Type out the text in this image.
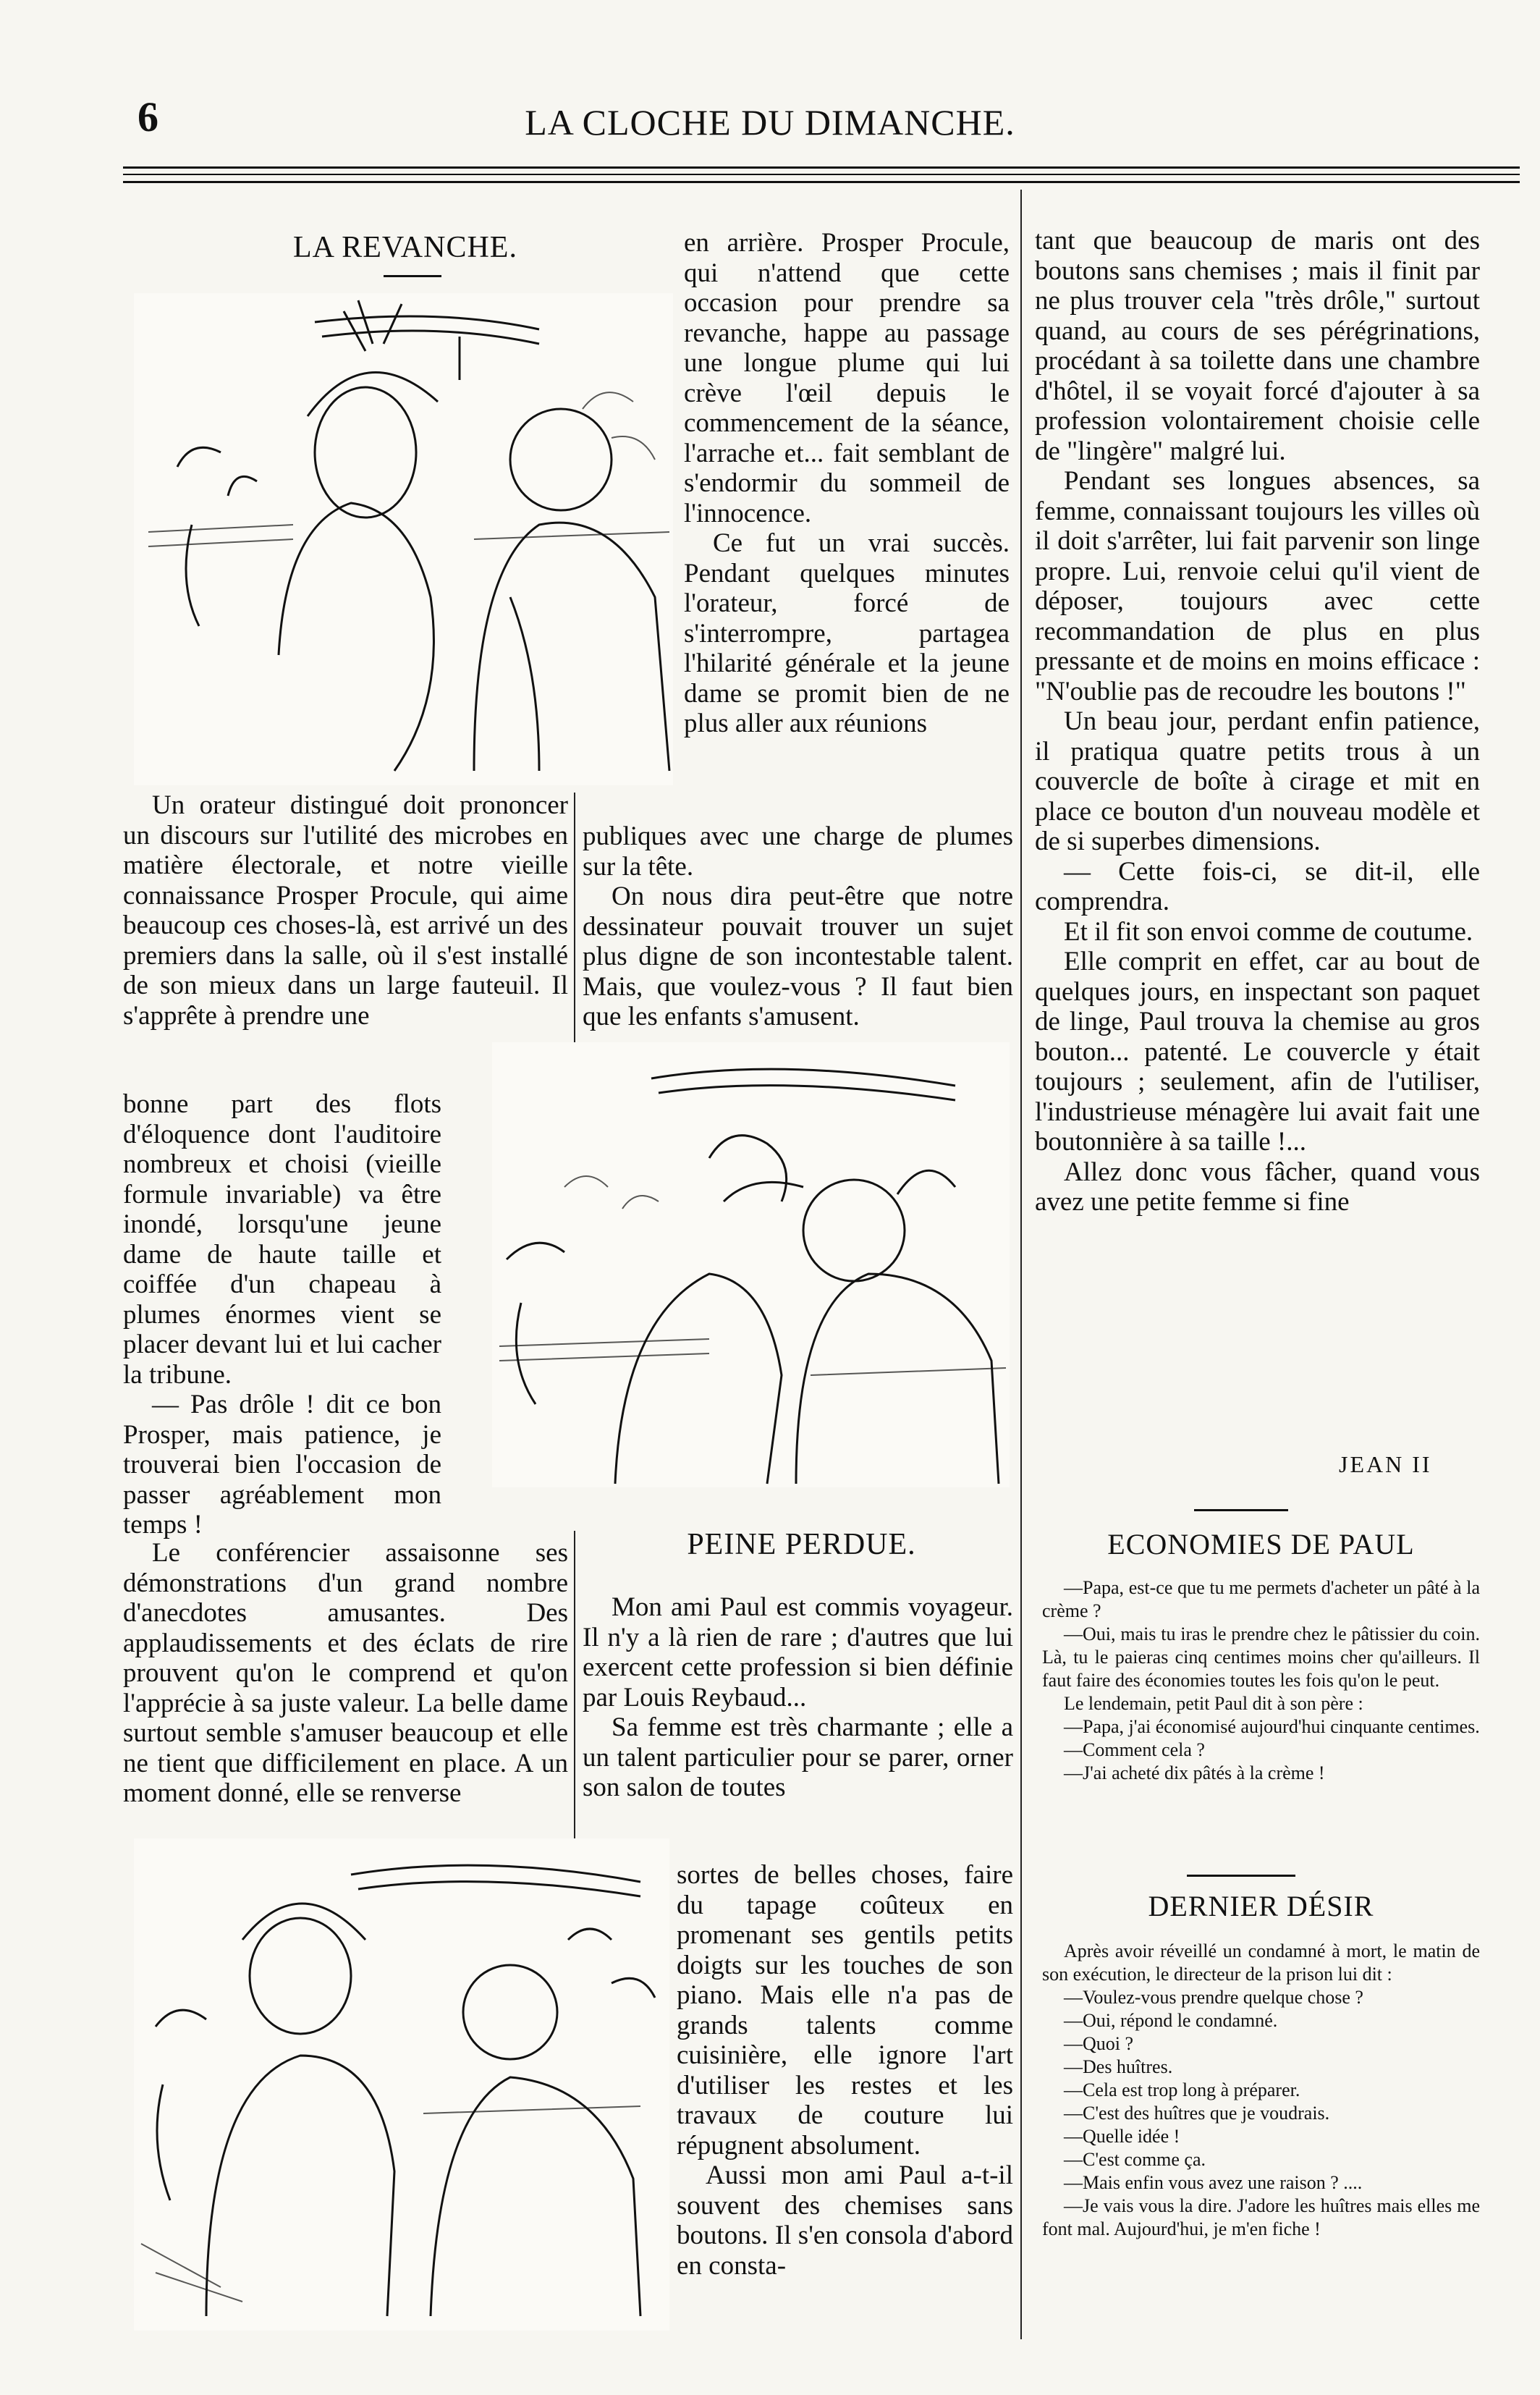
6	LA CLOCHE DU DIMANCHE.
LA REVANCHE.	en arrière. Prosper Procule, qui n'attend que cette occasion pour prendre sa revanche, happe au passage une longue plume qui lui crève l'œil depuis le commencement de la séance, l'arrache et... fait semblant de s'endormir du sommeil de l'innocence.

Ce fut un vrai succès. Pendant quelques minutes l'orateur, forcé de s'interrompre, partagea l'hilarité générale et la jeune dame se promit bien de ne plus aller aux réunions

Un orateur distingué doit prononcer un discours sur l'utilité des microbes en matière électorale, et notre vieille connaissance Prosper Procule, qui aime beaucoup ces choses-là, est arrivé un des premiers dans la salle, où il s'est installé de son mieux dans un large fauteuil. Il s'apprête à prendre une

bonne part des flots d'éloquence dont l'auditoire nombreux et choisi (vieille formule invariable) va être inondé, lorsqu'une jeune dame de haute taille et coiffée d'un chapeau à plumes énormes vient se placer devant lui et lui cacher la tribune.

— Pas drôle ! dit ce bon Prosper, mais patience, je trouverai bien l'occasion de passer agréablement mon temps !

Le conférencier assaisonne ses démonstrations d'un grand nombre d'anecdotes amusantes. Des applaudissements et des éclats de rire prouvent qu'on le comprend et qu'on l'apprécie à sa juste valeur. La belle dame surtout semble s'amuser beaucoup et elle ne tient que difficilement en place. A un moment donné, elle se renverse

publiques avec une charge de plumes sur la tête.

On nous dira peut-être que notre dessinateur pouvait trouver un sujet plus digne de son incontestable talent. Mais, que voulez-vous ? Il faut bien que les enfants s'amusent.

PEINE PERDUE.

Mon ami Paul est commis voyageur. Il n'y a là rien de rare ; d'autres que lui exercent cette profession si bien définie par Louis Reybaud...

Sa femme est très charmante ; elle a un talent particulier pour se parer, orner son salon de toutes

sortes de belles choses, faire du tapage coûteux en promenant ses gentils petits doigts sur les touches de son piano. Mais elle n'a pas de grands talents comme cuisinière, elle ignore l'art d'utiliser les restes et les travaux de couture lui répugnent absolument.

Aussi mon ami Paul a-t-il souvent des chemises sans boutons. Il s'en consola d'abord en consta-

tant que beaucoup de maris ont des boutons sans chemises ; mais il finit par ne plus trouver cela "très drôle," surtout quand, au cours de ses pérégrinations, procédant à sa toilette dans une chambre d'hôtel, il se voyait forcé d'ajouter à sa profession volontairement choisie celle de "lingère" malgré lui.

Pendant ses longues absences, sa femme, connaissant toujours les villes où il doit s'arrêter, lui fait parvenir son linge propre. Lui, renvoie celui qu'il vient de déposer, toujours avec cette recommandation de plus en plus pressante et de moins en moins efficace : "N'oublie pas de recoudre les boutons !"

Un beau jour, perdant enfin patience, il pratiqua quatre petits trous à un couvercle de boîte à cirage et mit en place ce bouton d'un nouveau modèle et de si superbes dimensions.

— Cette fois-ci, se dit-il, elle comprendra.

Et il fit son envoi comme de coutume.

Elle comprit en effet, car au bout de quelques jours, en inspectant son paquet de linge, Paul trouva la chemise au gros bouton... patenté. Le couvercle y était toujours ; seulement, afin de l'utiliser, l'industrieuse ménagère lui avait fait une boutonnière à sa taille !...

Allez donc vous fâcher, quand vous avez une petite femme si fine

JEAN II
ECONOMIES DE PAUL

—Papa, est-ce que tu me permets d'acheter un pâté à la crème ?

—Oui, mais tu iras le prendre chez le pâtissier du coin. Là, tu le paieras cinq centimes moins cher qu'ailleurs. Il faut faire des économies toutes les fois qu'on le peut.

Le lendemain, petit Paul dit à son père :

—Papa, j'ai économisé aujourd'hui cinquante centimes.

—Comment cela ?

—J'ai acheté dix pâtés à la crème !

DERNIER DÉSIR

Après avoir réveillé un condamné à mort, le matin de son exécution, le directeur de la prison lui dit :

—Voulez-vous prendre quelque chose ?

—Oui, répond le condamné.

—Quoi ?

—Des huîtres.

—Cela est trop long à préparer.

—C'est des huîtres que je voudrais.

—Quelle idée !

—C'est comme ça.

—Mais enfin vous avez une raison ? ....

—Je vais vous la dire. J'adore les huîtres mais elles me font mal. Aujourd'hui, je m'en fiche !
